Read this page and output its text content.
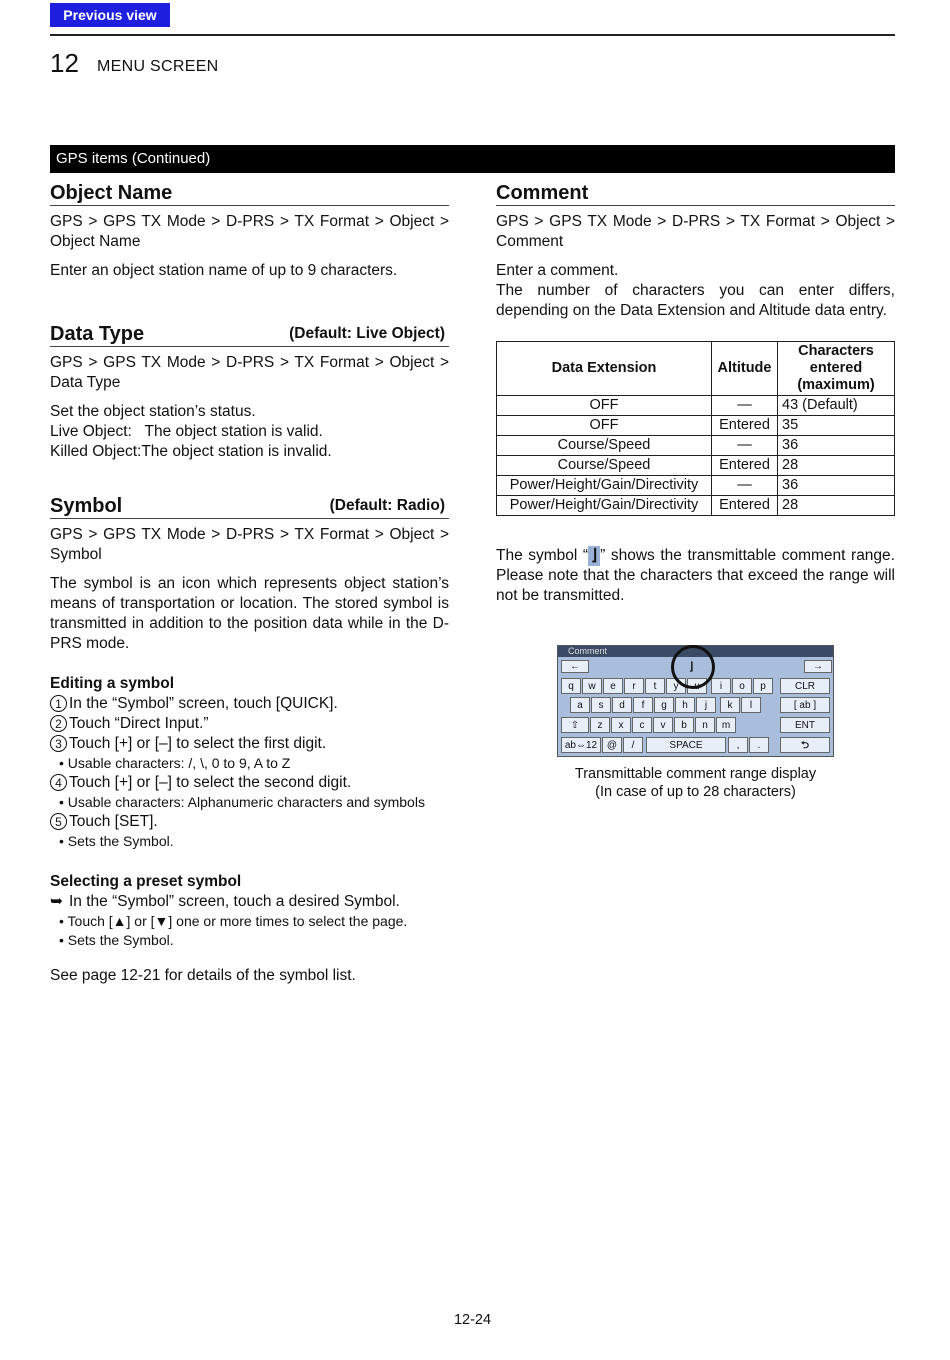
Previous view
12 MENU SCREEN
GPS items (Continued)
Object Name

GPS > GPS TX Mode > D-PRS > TX Format > Object > Object Name

Enter an object station name of up to 9 characters.

Data Type	(Default: Live Object)

GPS > GPS TX Mode > D-PRS > TX Format > Object > Data Type

Set the object station’s status.
Live Object:   The object station is valid.
Killed Object:The object station is invalid.
Symbol	(Default: Radio)

GPS > GPS TX Mode > D-PRS > TX Format > Object > Symbol

The symbol is an icon which represents object station’s means of transportation or location. The stored symbol is transmitted in addition to the position data while in the D-PRS mode.

Editing a symbol
1 In the “Symbol” screen, touch [QUICK].
2 Touch “Direct Input.”
3 Touch [+] or [–] to select the first digit.
• Usable characters: /, \, 0 to 9, A to Z
4 Touch [+] or [–] to select the second digit.
• Usable characters: Alphanumeric characters and symbols
5 Touch [SET].
• Sets the Symbol.
Selecting a preset symbol
➥ In the “Symbol” screen, touch a desired Symbol.
• Touch [▲] or [▼] one or more times to select the page.
• Sets the Symbol.

See page 12-21 for details of the symbol list.

Comment

GPS > GPS TX Mode > D-PRS > TX Format > Object > Comment

Enter a comment.
The number of characters you can enter differs, depending on the Data Extension and Altitude data entry.
Data Extension	Altitude	Characters entered (maximum)
OFF	—	43 (Default)
OFF	Entered	35
Course/Speed	—	36
Course/Speed	Entered	28
Power/Height/Gain/Directivity	—	36
Power/Height/Gain/Directivity	Entered	28

The symbol “ ⌋ ” shows the transmittable comment range. Please note that the characters that exceed the range will not be transmitted.

Comment
←	→
⌋
q	w	e	r	t	y	u	i	o	p	CLR
a	s	d	f	g	h	j	k	l	[ ab ]
⇧	z	x	c	v	b	n	m	ENT
ab⇔12 @	/	SPACE	,	.	⮌
Transmittable comment range display
(In case of up to 28 characters)
12-24
